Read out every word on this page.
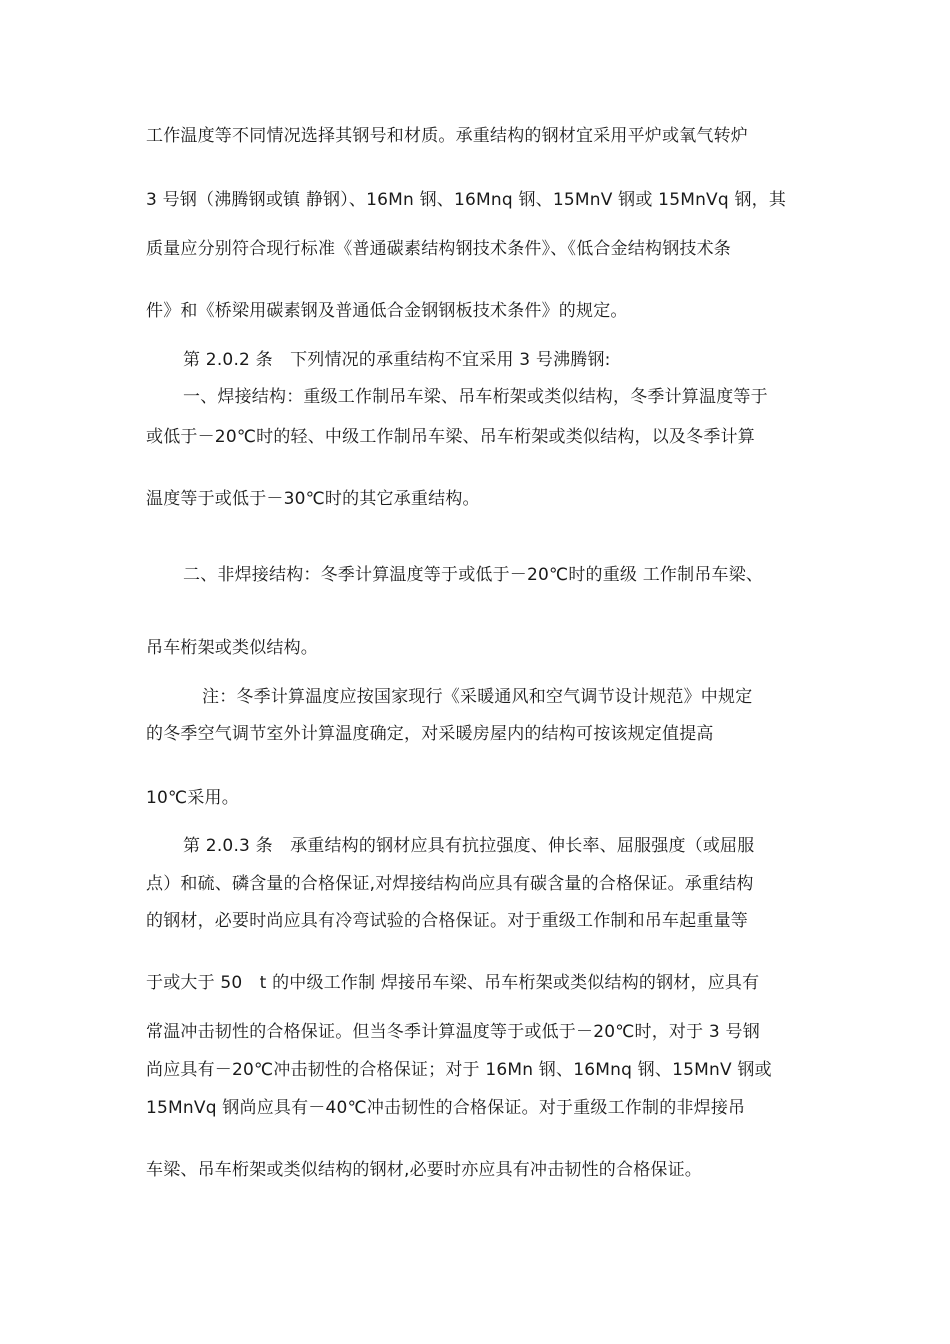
工作温度等不同情况选择其钢号和材质。承重结构的钢材宜采用平炉或氧气转炉
3 号钢（沸腾钢或镇 静钢）、16Mn 钢、16Mnq 钢、15MnV 钢或 15MnVq 钢，其
质量应分别符合现行标准《普通碳素结构钢技术条件》、《低合金结构钢技术条
件》和《桥梁用碳素钢及普通低合金钢钢板技术条件》的规定。
第 2.0.2 条　下列情况的承重结构不宜采用 3 号沸腾钢:
一、焊接结构：重级工作制吊车梁、吊车桁架或类似结构，冬季计算温度等于
或低于－20℃时的轻、中级工作制吊车梁、吊车桁架或类似结构，以及冬季计算
温度等于或低于－30℃时的其它承重结构。
二、非焊接结构：冬季计算温度等于或低于－20℃时的重级 工作制吊车梁、
吊车桁架或类似结构。
注：冬季计算温度应按国家现行《采暖通风和空气调节设计规范》中规定
的冬季空气调节室外计算温度确定，对采暖房屋内的结构可按该规定值提高
10℃采用。
第 2.0.3 条　承重结构的钢材应具有抗拉强度、伸长率、屈服强度（或屈服
点）和硫、磷含量的合格保证,对焊接结构尚应具有碳含量的合格保证。承重结构
的钢材，必要时尚应具有冷弯试验的合格保证。对于重级工作制和吊车起重量等
于或大于 50　t 的中级工作制 焊接吊车梁、吊车桁架或类似结构的钢材，应具有
常温冲击韧性的合格保证。但当冬季计算温度等于或低于－20℃时，对于 3 号钢
尚应具有－20℃冲击韧性的合格保证；对于 16Mn 钢、16Mnq 钢、15MnV 钢或
15MnVq 钢尚应具有－40℃冲击韧性的合格保证。对于重级工作制的非焊接吊
车梁、吊车桁架或类似结构的钢材,必要时亦应具有冲击韧性的合格保证。
